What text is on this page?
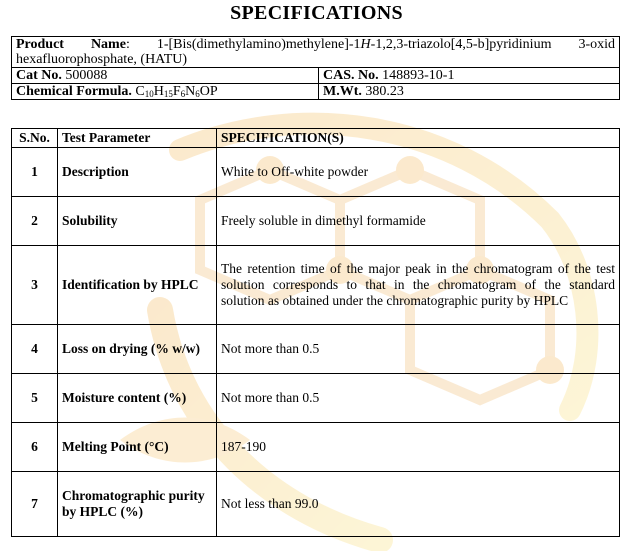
SPECIFICATIONS
Product Name: 1-[Bis(dimethylamino)methylene]-1H-1,2,3-triazolo[4,5-b]pyridinium 3-oxid hexafluorophosphate, (HATU)	
Cat No. 500088	CAS. No. 148893-10-1
Chemical Formula. $C_{10}H_{15}F_6N_6OP$	M.Wt. 380.23
S.No.	Test Parameter	SPECIFICATION(S)
1	Description	White to Off-white powder
2	Solubility	Freely soluble in dimethyl formamide
3	Identification by HPLC	The retention time of the major peak in the chromatogram of the test solution corresponds to that in the chromatogram of the standard solution as obtained under the chromatographic purity by HPLC
4	Loss on drying (% w/w)	Not more than 0.5
5	Moisture content (%)	Not more than 0.5
6	Melting Point (°C)	187-190
7	Chromatographic purity by HPLC (%)	Not less than 99.0
